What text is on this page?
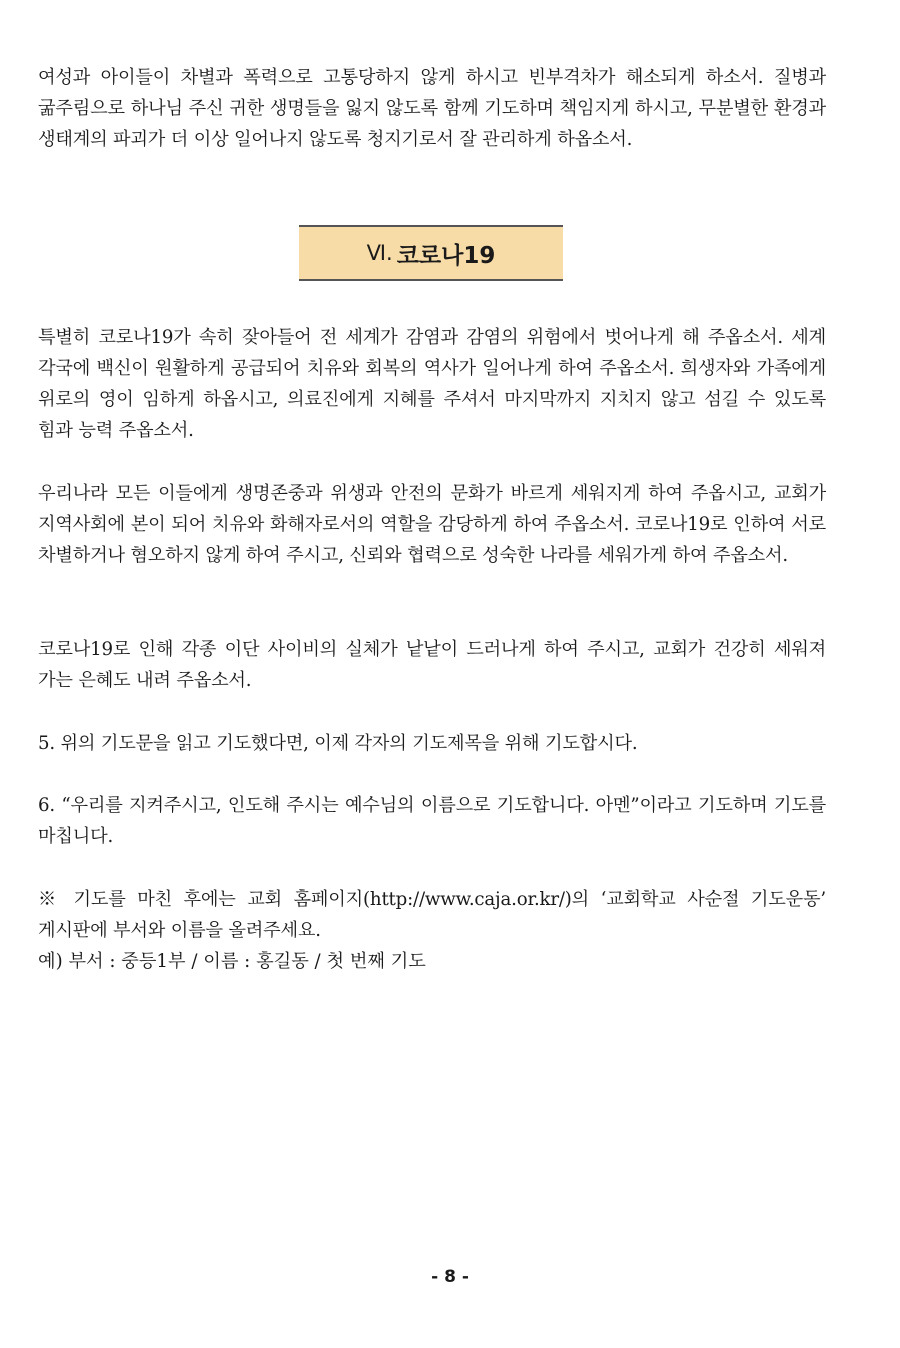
여성과 아이들이 차별과 폭력으로 고통당하지 않게 하시고 빈부격차가 해소되게 하소서. 질병과 굶주림으로 하나님 주신 귀한 생명들을 잃지 않도록 함께 기도하며 책임지게 하시고, 무분별한 환경과 생태계의 파괴가 더 이상 일어나지 않도록 청지기로서 잘 관리하게 하옵소서.

Ⅵ. 코로나19

특별히 코로나19가 속히 잦아들어 전 세계가 감염과 감염의 위험에서 벗어나게 해 주옵소서. 세계 각국에 백신이 원활하게 공급되어 치유와 회복의 역사가 일어나게 하여 주옵소서. 희생자와 가족에게 위로의 영이 임하게 하옵시고, 의료진에게 지혜를 주셔서 마지막까지 지치지 않고 섬길 수 있도록 힘과 능력 주옵소서.

우리나라 모든 이들에게 생명존중과 위생과 안전의 문화가 바르게 세워지게 하여 주옵시고, 교회가 지역사회에 본이 되어 치유와 화해자로서의 역할을 감당하게 하여 주옵소서. 코로나19로 인하여 서로 차별하거나 혐오하지 않게 하여 주시고, 신뢰와 협력으로 성숙한 나라를 세워가게 하여 주옵소서.

코로나19로 인해 각종 이단 사이비의 실체가 낱낱이 드러나게 하여 주시고, 교회가 건강히 세워져 가는 은혜도 내려 주옵소서.

5. 위의 기도문을 읽고 기도했다면, 이제 각자의 기도제목을 위해 기도합시다.

6. “우리를 지켜주시고, 인도해 주시는 예수님의 이름으로 기도합니다. 아멘”이라고 기도하며 기도를 마칩니다.

※ 기도를 마친 후에는 교회 홈페이지(http://www.caja.or.kr/)의 ‘교회학교 사순절 기도운동’ 게시판에 부서와 이름을 올려주세요.

예) 부서 : 중등1부 / 이름 : 홍길동 / 첫 번째 기도

- 8 -
